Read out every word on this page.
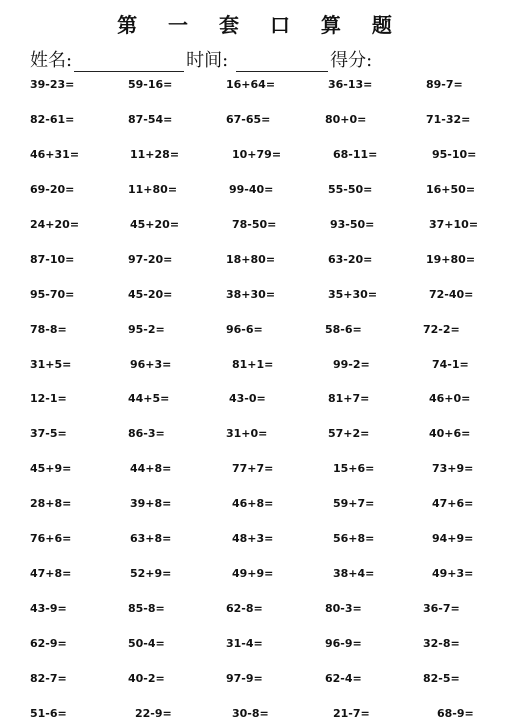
第 一 套 口 算 题
姓名:	时间:	得分:
39-23=	59-16=	16+64=	36-13=	89-7=
82-61=	87-54=	67-65=	80+0=	71-32=
46+31=	11+28=	10+79=	68-11=	95-10=
69-20=	11+80=	99-40=	55-50=	16+50=
24+20=	45+20=	78-50=	93-50=	37+10=
87-10=	97-20=	18+80=	63-20=	19+80=
95-70=	45-20=	38+30=	35+30=	72-40=
78-8=	95-2=	96-6=	58-6=	72-2=
31+5=	96+3=	81+1=	99-2=	74-1=
12-1=	44+5=	43-0=	81+7=	46+0=
37-5=	86-3=	31+0=	57+2=	40+6=
45+9=	44+8=	77+7=	15+6=	73+9=
28+8=	39+8=	46+8=	59+7=	47+6=
76+6=	63+8=	48+3=	56+8=	94+9=
47+8=	52+9=	49+9=	38+4=	49+3=
43-9=	85-8=	62-8=	80-3=	36-7=
62-9=	50-4=	31-4=	96-9=	32-8=
82-7=	40-2=	97-9=	62-4=	82-5=
51-6=	22-9=	30-8=	21-7=	68-9=
